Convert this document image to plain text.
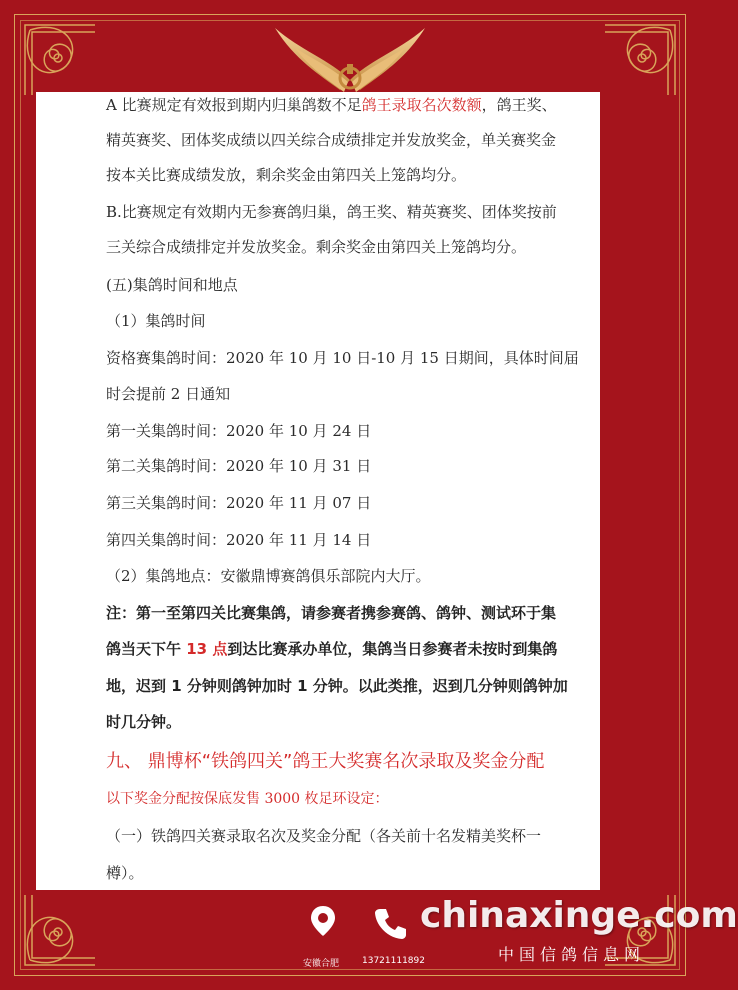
A 比赛规定有效报到期内归巢鸽数不足鸽王录取名次数额，鸽王奖、
精英赛奖、团体奖成绩以四关综合成绩排定并发放奖金，单关赛奖金
按本关比赛成绩发放，剩余奖金由第四关上笼鸽均分。
B.比赛规定有效期内无参赛鸽归巢，鸽王奖、精英赛奖、团体奖按前
三关综合成绩排定并发放奖金。剩余奖金由第四关上笼鸽均分。
(五)集鸽时间和地点
（1）集鸽时间
资格赛集鸽时间：2020 年 10 月 10 日-10 月 15 日期间，具体时间届
时会提前 2 日通知
第一关集鸽时间：2020 年 10 月 24 日
第二关集鸽时间：2020 年 10 月 31 日
第三关集鸽时间：2020 年 11 月 07 日
第四关集鸽时间：2020 年 11 月 14 日
（2）集鸽地点：安徽鼎博赛鸽俱乐部院内大厅。
注：第一至第四关比赛集鸽，请参赛者携参赛鸽、鸽钟、测试环于集
鸽当天下午 13 点到达比赛承办单位，集鸽当日参赛者未按时到集鸽
地，迟到 1 分钟则鸽钟加时 1 分钟。以此类推，迟到几分钟则鸽钟加
时几分钟。
九、 鼎博杯“铁鸽四关”鸽王大奖赛名次录取及奖金分配
以下奖金分配按保底发售 3000 枚足环设定：
（一）铁鸽四关赛录取名次及奖金分配（各关前十名发精美奖杯一
樽）。
安徽合肥	13721111892
chinaxinge.com
中国信鸽信息网
